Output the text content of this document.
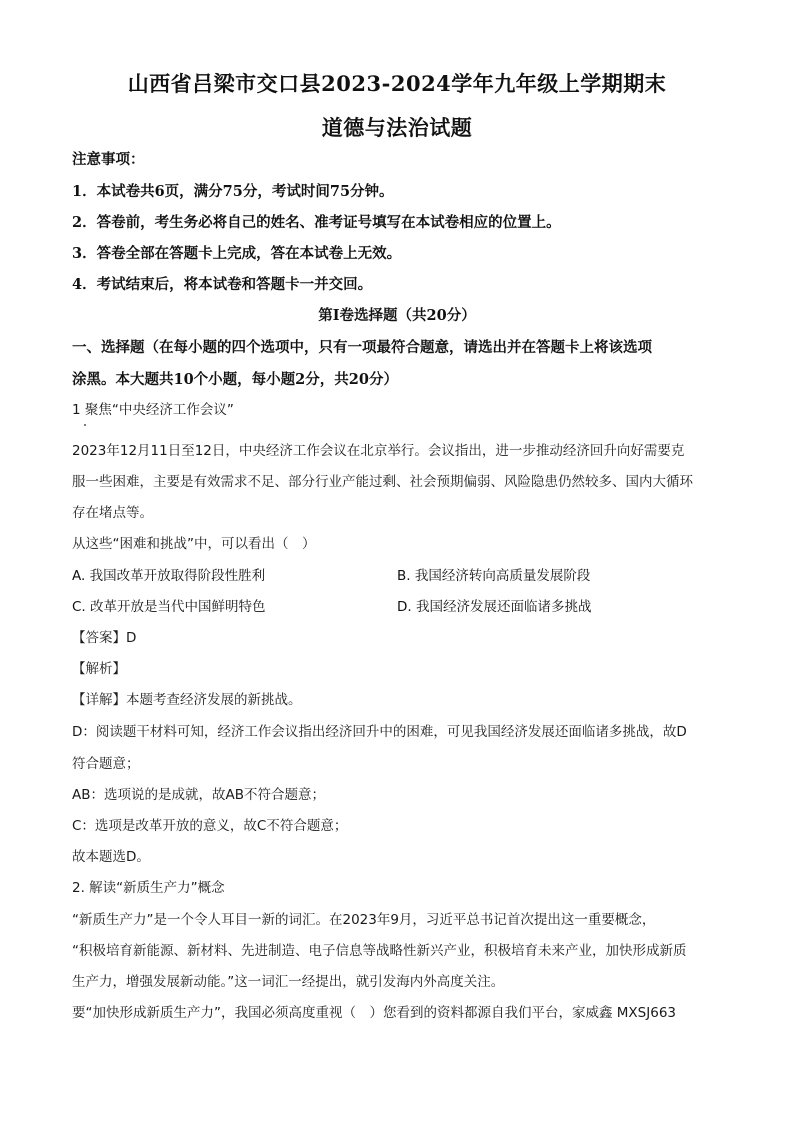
山西省吕梁市交口县2023-2024学年九年级上学期期末
道德与法治试题
注意事项：
1．本试卷共6页，满分75分，考试时间75分钟。
2．答卷前，考生务必将自己的姓名、准考证号填写在本试卷相应的位置上。
3．答卷全部在答题卡上完成，答在本试卷上无效。
4．考试结束后，将本试卷和答题卡一并交回。
第Ⅰ卷选择题（共20分）
一、选择题（在每小题的四个选项中，只有一项最符合题意，请选出并在答题卡上将该选项
涂黑。本大题共10个小题，每小题2分，共20分）
1 聚焦“中央经济工作会议”
2023年12月11日至12日，中央经济工作会议在北京举行。会议指出，进一步推动经济回升向好需要克
服一些困难，主要是有效需求不足、部分行业产能过剩、社会预期偏弱、风险隐患仍然较多、国内大循环
存在堵点等。
从这些“困难和挑战”中，可以看出（　）
A. 我国改革开放取得阶段性胜利	B. 我国经济转向高质量发展阶段
C. 改革开放是当代中国鲜明特色	D. 我国经济发展还面临诸多挑战
【答案】D
【解析】
【详解】本题考查经济发展的新挑战。
D：阅读题干材料可知，经济工作会议指出经济回升中的困难，可见我国经济发展还面临诸多挑战，故D
符合题意；
AB：选项说的是成就，故AB不符合题意；
C：选项是改革开放的意义，故C不符合题意；
故本题选D。
2. 解读“新质生产力”概念
“新质生产力”是一个令人耳目一新的词汇。在2023年9月，习近平总书记首次提出这一重要概念，
“积极培育新能源、新材料、先进制造、电子信息等战略性新兴产业，积极培育未来产业，加快形成新质
生产力，增强发展新动能。”这一词汇一经提出，就引发海内外高度关注。
要“加快形成新质生产力”，我国必须高度重视（　）您看到的资料都源自我们平台，家威鑫 MXSJ663
